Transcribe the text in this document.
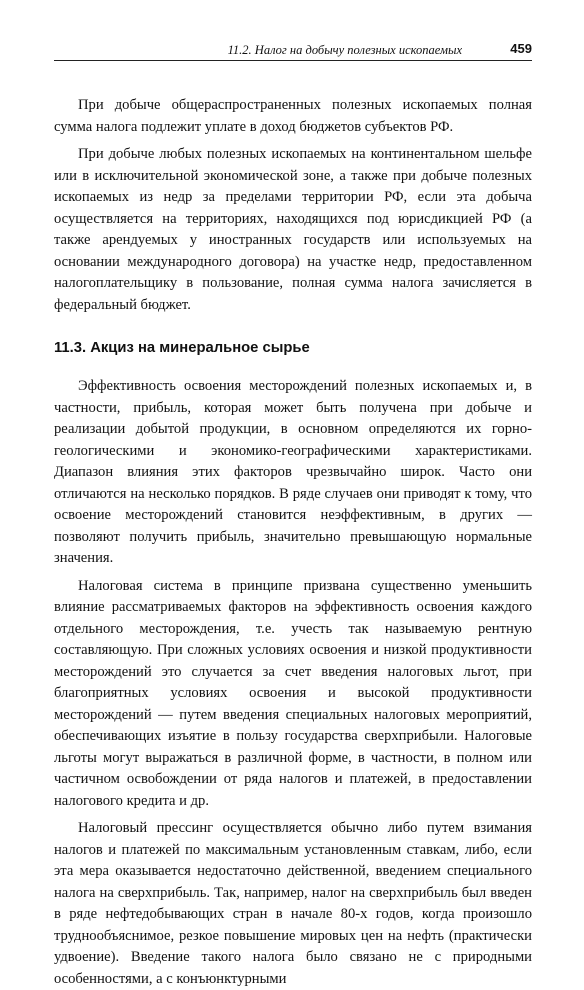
11.2. Налог на добычу полезных ископаемых	459

При добыче общераспространенных полезных ископаемых полная сумма налога подлежит уплате в доход бюджетов субъектов РФ.

При добыче любых полезных ископаемых на континентальном шельфе или в исключительной экономической зоне, а также при добыче полезных ископаемых из недр за пределами территории РФ, если эта добыча осуществляется на территориях, находящихся под юрисдикцией РФ (а также арендуемых у иностранных государств или используемых на основании международного договора) на участке недр, предоставленном налогоплательщику в пользование, полная сумма налога зачисляется в федеральный бюджет.

11.3. Акциз на минеральное сырье

Эффективность освоения месторождений полезных ископаемых и, в частности, прибыль, которая может быть получена при добыче и реализации добытой продукции, в основном определяются их горно-геологическими и экономико-географическими характеристиками. Диапазон влияния этих факторов чрезвычайно широк. Часто они отличаются на несколько порядков. В ряде случаев они приводят к тому, что освоение месторождений становится неэффективным, в других — позволяют получить прибыль, значительно превышающую нормальные значения.

Налоговая система в принципе призвана существенно уменьшить влияние рассматриваемых факторов на эффективность освоения каждого отдельного месторождения, т.е. учесть так называемую рентную составляющую. При сложных условиях освоения и низкой продуктивности месторождений это случается за счет введения налоговых льгот, при благоприятных условиях освоения и высокой продуктивности месторождений — путем введения специальных налоговых мероприятий, обеспечивающих изъятие в пользу государства сверхприбыли. Налоговые льготы могут выражаться в различной форме, в частности, в полном или частичном освобождении от ряда налогов и платежей, в предоставлении налогового кредита и др.

Налоговый прессинг осуществляется обычно либо путем взимания налогов и платежей по максимальным установленным ставкам, либо, если эта мера оказывается недостаточно действенной, введением специального налога на сверхприбыль. Так, например, налог на сверхприбыль был введен в ряде нефтедобывающих стран в начале 80-х годов, когда произошло труднообъяснимое, резкое повышение мировых цен на нефть (практически удвоение). Введение такого налога было связано не с природными особенностями, а с конъюнктурными
